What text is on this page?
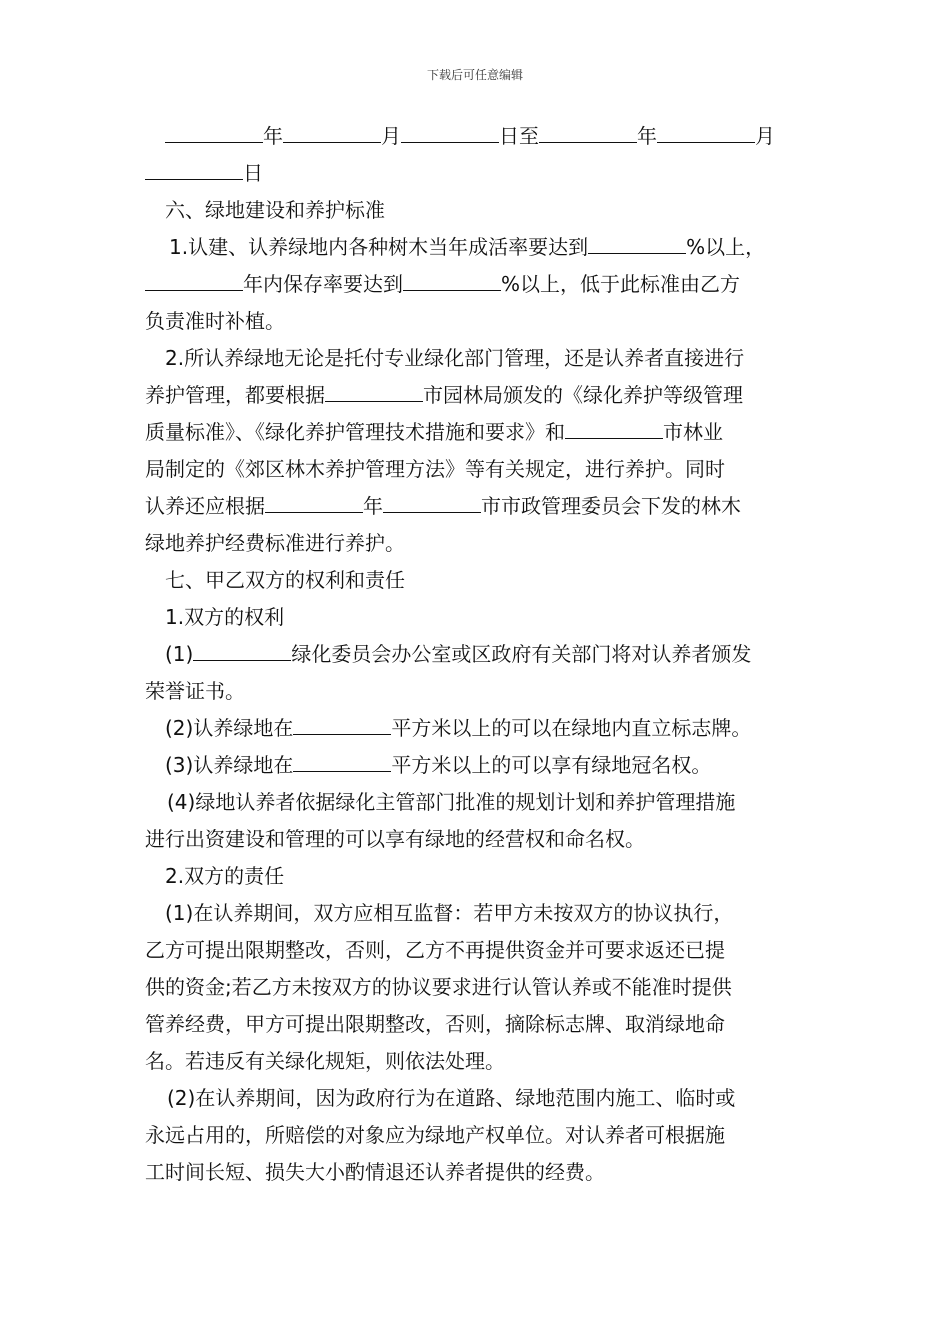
下载后可任意编辑
年	月	日至	年	月
日
六、绿地建设和养护标准
1.认建、认养绿地内各种树木当年成活率要达到	%以上，
年内保存率要达到	%以上，低于此标准由乙方
负责准时补植。
2.所认养绿地无论是托付专业绿化部门管理，还是认养者直接进行
养护管理，都要根据	市园林局颁发的《绿化养护等级管理
质量标准》、《绿化养护管理技术措施和要求》和	市林业
局制定的《郊区林木养护管理方法》等有关规定，进行养护。同时
认养还应根据	年	市市政管理委员会下发的林木
绿地养护经费标准进行养护。
七、甲乙双方的权利和责任
1.双方的权利
(1)	绿化委员会办公室或区政府有关部门将对认养者颁发
荣誉证书。
(2)认养绿地在	平方米以上的可以在绿地内直立标志牌。
(3)认养绿地在	平方米以上的可以享有绿地冠名权。
(4)绿地认养者依据绿化主管部门批准的规划计划和养护管理措施
进行出资建设和管理的可以享有绿地的经营权和命名权。
2.双方的责任
(1)在认养期间，双方应相互监督：若甲方未按双方的协议执行，
乙方可提出限期整改，否则，乙方不再提供资金并可要求返还已提
供的资金;若乙方未按双方的协议要求进行认管认养或不能准时提供
管养经费，甲方可提出限期整改，否则，摘除标志牌、取消绿地命
名。若违反有关绿化规矩，则依法处理。
(2)在认养期间，因为政府行为在道路、绿地范围内施工、临时或
永远占用的，所赔偿的对象应为绿地产权单位。对认养者可根据施
工时间长短、损失大小酌情退还认养者提供的经费。
